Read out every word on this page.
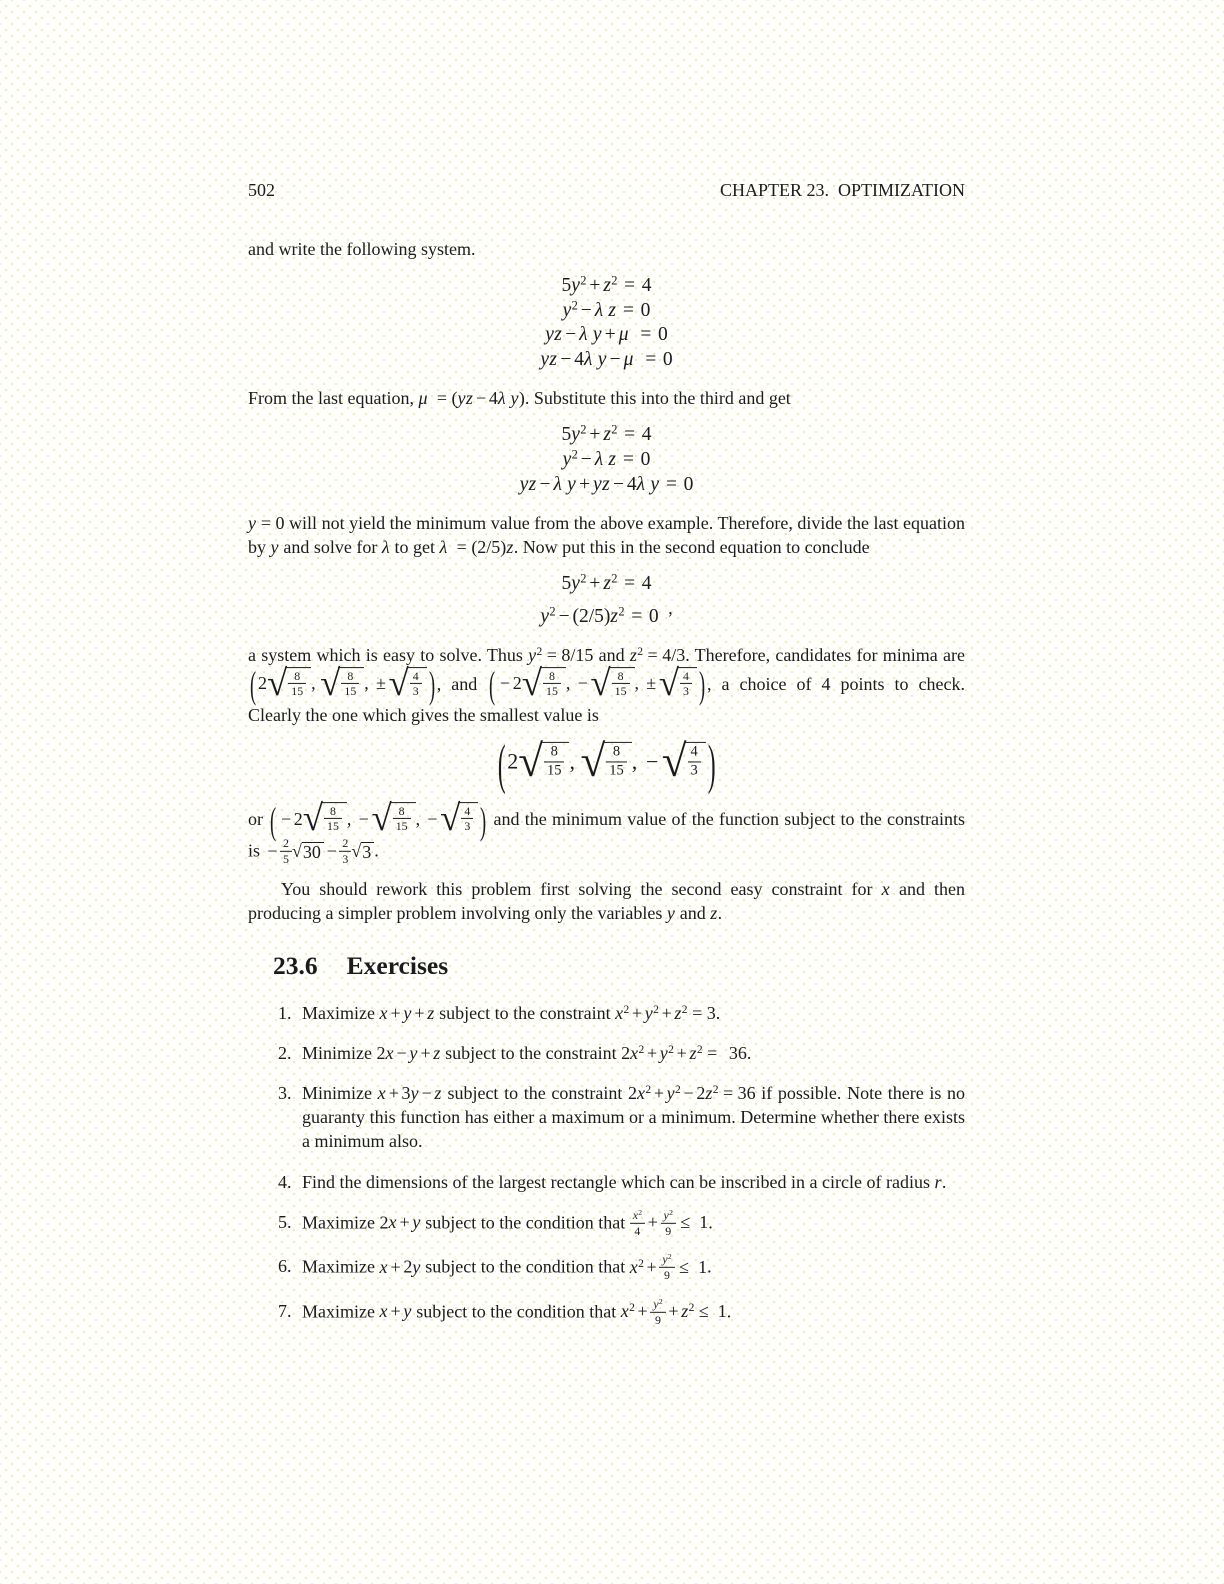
502	CHAPTER 23.  OPTIMIZATION

and write the following system.

$5y^2 + z^2 = 4$
$y^2 - \lambda$ z = 0
yz − λ y + μ = 0
yz − 4λ y − μ = 0

From the last equation, μ = (yz − 4λ y). Substitute this into the third and get

$5y^2 + z^2 = 4$
$y^2 - \lambda$ z = 0
yz − λ y + yz − 4λ y = 0

y = 0 will not yield the minimum value from the above example. Therefore, divide the last equation by y and solve for λ to get λ = (2/5)z. Now put this in the second equation to conclude

$5y^2 + z^2 = 4$
$y^2 - (2/5)z^2 = 0$ ,

a system which is easy to solve. Thus $y^2 = 8/15$ and $z^2 = 4/3$. Therefore, candidates for minima are ( 2 √ $\frac{8}{15}$ , √ $\frac{8}{15}$ , ± √ $\frac{4}{3}$ ) , and ( − 2 √ $\frac{8}{15}$ , − √ $\frac{8}{15}$ , ± √ $\frac{4}{3}$ ) , a choice of 4 points to check. Clearly the one which gives the smallest value is

(2 √ $\frac{8}{15}$ , √ $\frac{8}{15}$ , − √ $\frac{4}{3}$ )

or ( − 2 √ $\frac{8}{15}$ , − √ $\frac{8}{15}$ , − √ $\frac{4}{3}$ ) and the minimum value of the function subject to the constraints is − $\frac{2}{5}$ √ $30 - \frac{2}{3}$ √ 3 .

You should rework this problem first solving the second easy constraint for x and then producing a simpler problem involving only the variables y and z.

23.6 Exercises
1. Maximize x + y + z subject to the constraint $x^2 + y^2 + z^2 = 3$.
2. Minimize 2x − y + z subject to the constraint $2x^2 + y^2 + z^2 = 36$.
3. Minimize x + 3y − z subject to the constraint $2x^2 + y^2 - 2z^2 = 36$ if possible. Note there is no guaranty this function has either a maximum or a minimum. Determine whether there exists a minimum also.
4. Find the dimensions of the largest rectangle which can be inscribed in a circle of radius r.
5. Maximize 2x + y subject to the condition that $\frac{x^2}{4} + \frac{y^2}{9} \le 1$.
6. Maximize x + 2y subject to the condition that $x^2 + \frac{y^2}{9} \le 1$.
7. Maximize x + y subject to the condition that $x^2 + \frac{y^2}{9} + z^2 \le 1$.
